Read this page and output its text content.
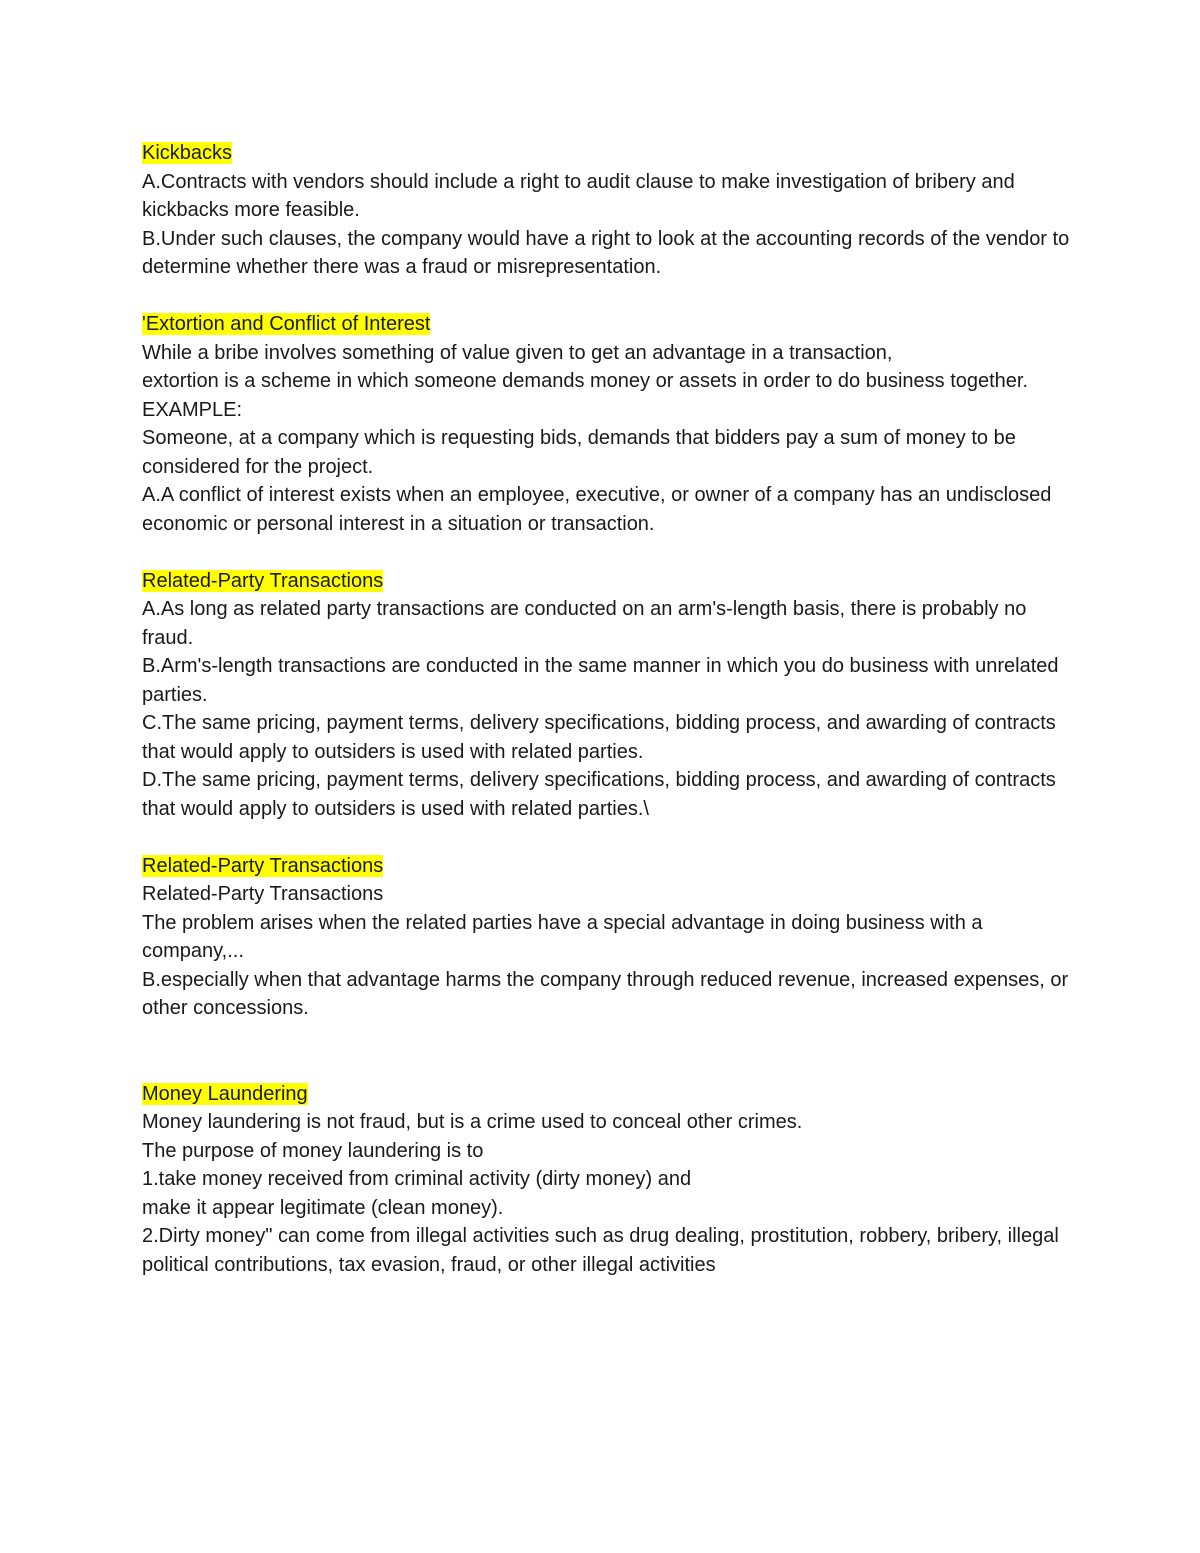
Kickbacks
A.Contracts with vendors should include a right to audit clause to make investigation of bribery and kickbacks more feasible.
B.Under such clauses, the company would have a right to look at the accounting records of the vendor to determine whether there was a fraud or misrepresentation.
'Extortion and Conflict of Interest
While a bribe involves something of value given to get an advantage in a transaction,
extortion is a scheme in which someone demands money or assets in order to do business together.
EXAMPLE:
Someone, at a company which is requesting bids, demands that bidders pay a sum of money to be considered for the project.
A.A conflict of interest exists when an employee, executive, or owner of a company has an undisclosed economic or personal interest in a situation or transaction.
Related-Party Transactions
A.As long as related party transactions are conducted on an arm's-length basis, there is probably no fraud.
B.Arm's-length transactions are conducted in the same manner in which you do business with unrelated parties.
C.The same pricing, payment terms, delivery specifications, bidding process, and awarding of contracts that would apply to outsiders is used with related parties.
D.The same pricing, payment terms, delivery specifications, bidding process, and awarding of contracts that would apply to outsiders is used with related parties.\
Related-Party Transactions
Related-Party Transactions
The problem arises when the related parties have a special advantage in doing business with a company,...
B.especially when that advantage harms the company through reduced revenue, increased expenses, or other concessions.
Money Laundering
Money laundering is not fraud, but is a crime used to conceal other crimes.
The purpose of money laundering is to
1.take money received from criminal activity (dirty money) and
make it appear legitimate (clean money).
2.Dirty money" can come from illegal activities such as drug dealing, prostitution, robbery, bribery, illegal political contributions, tax evasion, fraud, or other illegal activities
